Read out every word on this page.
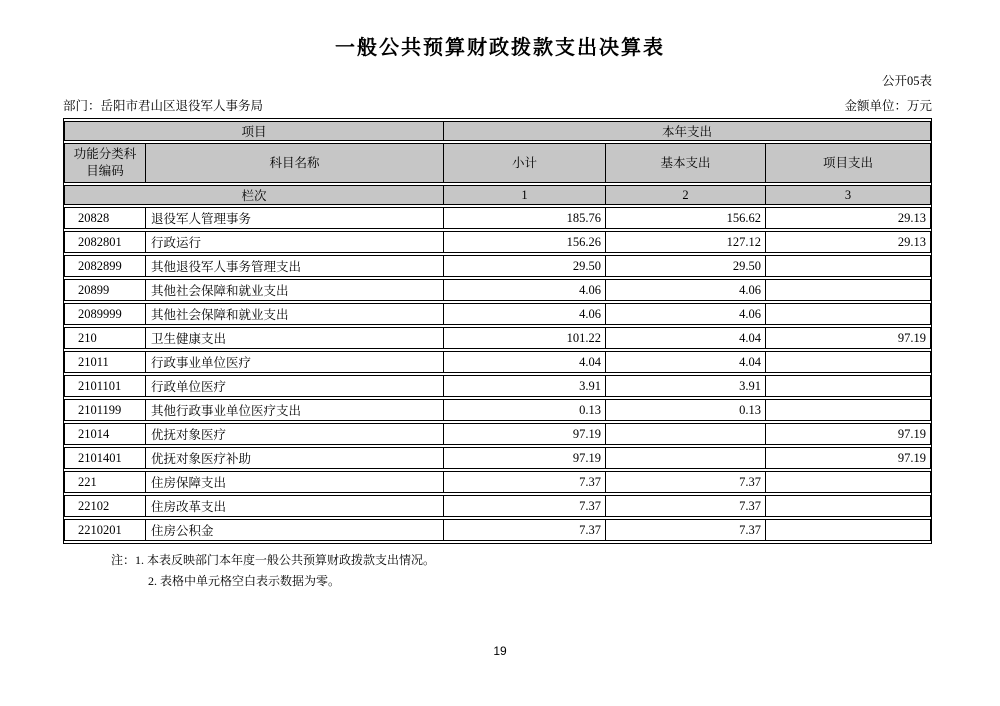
一般公共预算财政拨款支出决算表
公开05表
部门：岳阳市君山区退役军人事务局	金额单位：万元
项目		本年支出		
功能分类科目编码	科目名称	小计	基本支出	项目支出
栏次		1	2	3
20828	退役军人管理事务	185.76	156.62	29.13
2082801	行政运行	156.26	127.12	29.13
2082899	其他退役军人事务管理支出	29.50	29.50	
20899	其他社会保障和就业支出	4.06	4.06	
2089999	其他社会保障和就业支出	4.06	4.06	
210	卫生健康支出	101.22	4.04	97.19
21011	行政事业单位医疗	4.04	4.04	
2101101	行政单位医疗	3.91	3.91	
2101199	其他行政事业单位医疗支出	0.13	0.13	
21014	优抚对象医疗	97.19		97.19
2101401	优抚对象医疗补助	97.19		97.19
221	住房保障支出	7.37	7.37	
22102	住房改革支出	7.37	7.37	
2210201	住房公积金	7.37	7.37	
注：1. 本表反映部门本年度一般公共预算财政拨款支出情况。
2. 表格中单元格空白表示数据为零。
19
